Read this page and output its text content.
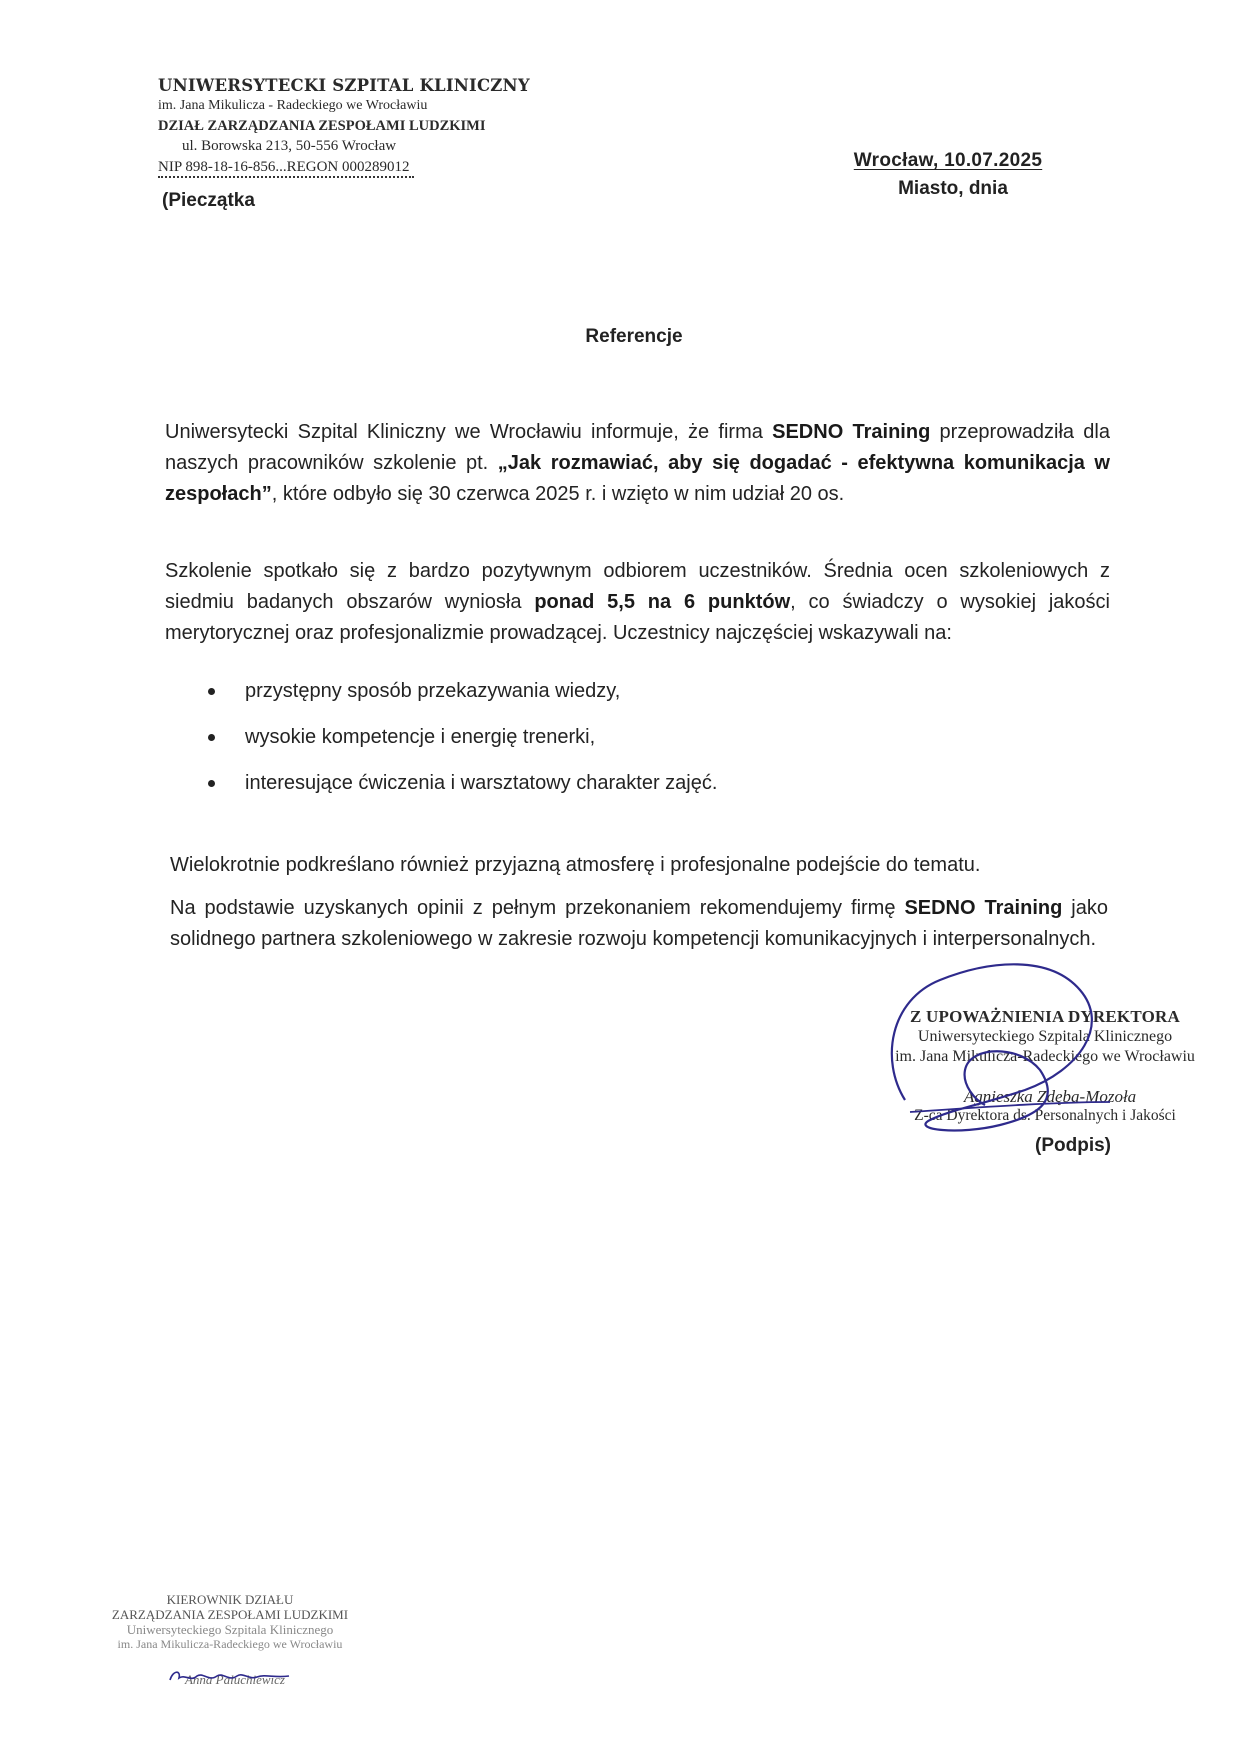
UNIWERSYTECKI SZPITAL KLINICZNY
im. Jana Mikulicza - Radeckiego we Wrocławiu
DZIAŁ ZARZĄDZANIA ZESPOŁAMI LUDZKIMI
ul. Borowska 213, 50-556 Wrocław
NIP 898-18-16-856...REGON 000289012
(Pieczątka
Wrocław, 10.07.2025
Miasto, dnia
Referencje
Uniwersytecki Szpital Kliniczny we Wrocławiu informuje, że firma SEDNO Training przeprowadziła dla naszych pracowników szkolenie pt. „Jak rozmawiać, aby się dogadać - efektywna komunikacja w zespołach”, które odbyło się 30 czerwca 2025 r. i wzięto w nim udział 20 os.
Szkolenie spotkało się z bardzo pozytywnym odbiorem uczestników. Średnia ocen szkoleniowych z siedmiu badanych obszarów wyniosła ponad 5,5 na 6 punktów, co świadczy o wysokiej jakości merytorycznej oraz profesjonalizmie prowadzącej. Uczestnicy najczęściej wskazywali na:
przystępny sposób przekazywania wiedzy,
wysokie kompetencje i energię trenerki,
interesujące ćwiczenia i warsztatowy charakter zajęć.
Wielokrotnie podkreślano również przyjazną atmosferę i profesjonalne podejście do tematu.
Na podstawie uzyskanych opinii z pełnym przekonaniem rekomendujemy firmę SEDNO Training jako solidnego partnera szkoleniowego w zakresie rozwoju kompetencji komunikacyjnych i interpersonalnych.
Z UPOWAŻNIENIA DYREKTORA
Uniwersyteckiego Szpitala Klinicznego
im. Jana Mikulicza-Radeckiego we Wrocławiu
Agnieszka Zdęba-Mozoła
Z-ca Dyrektora ds. Personalnych i Jakości
(Podpis)
KIEROWNIK DZIAŁU
ZARZĄDZANIA ZESPOŁAMI LUDZKIMI
Uniwersyteckiego Szpitala Klinicznego
im. Jana Mikulicza-Radeckiego we Wrocławiu
Anna Paluchiewicz
